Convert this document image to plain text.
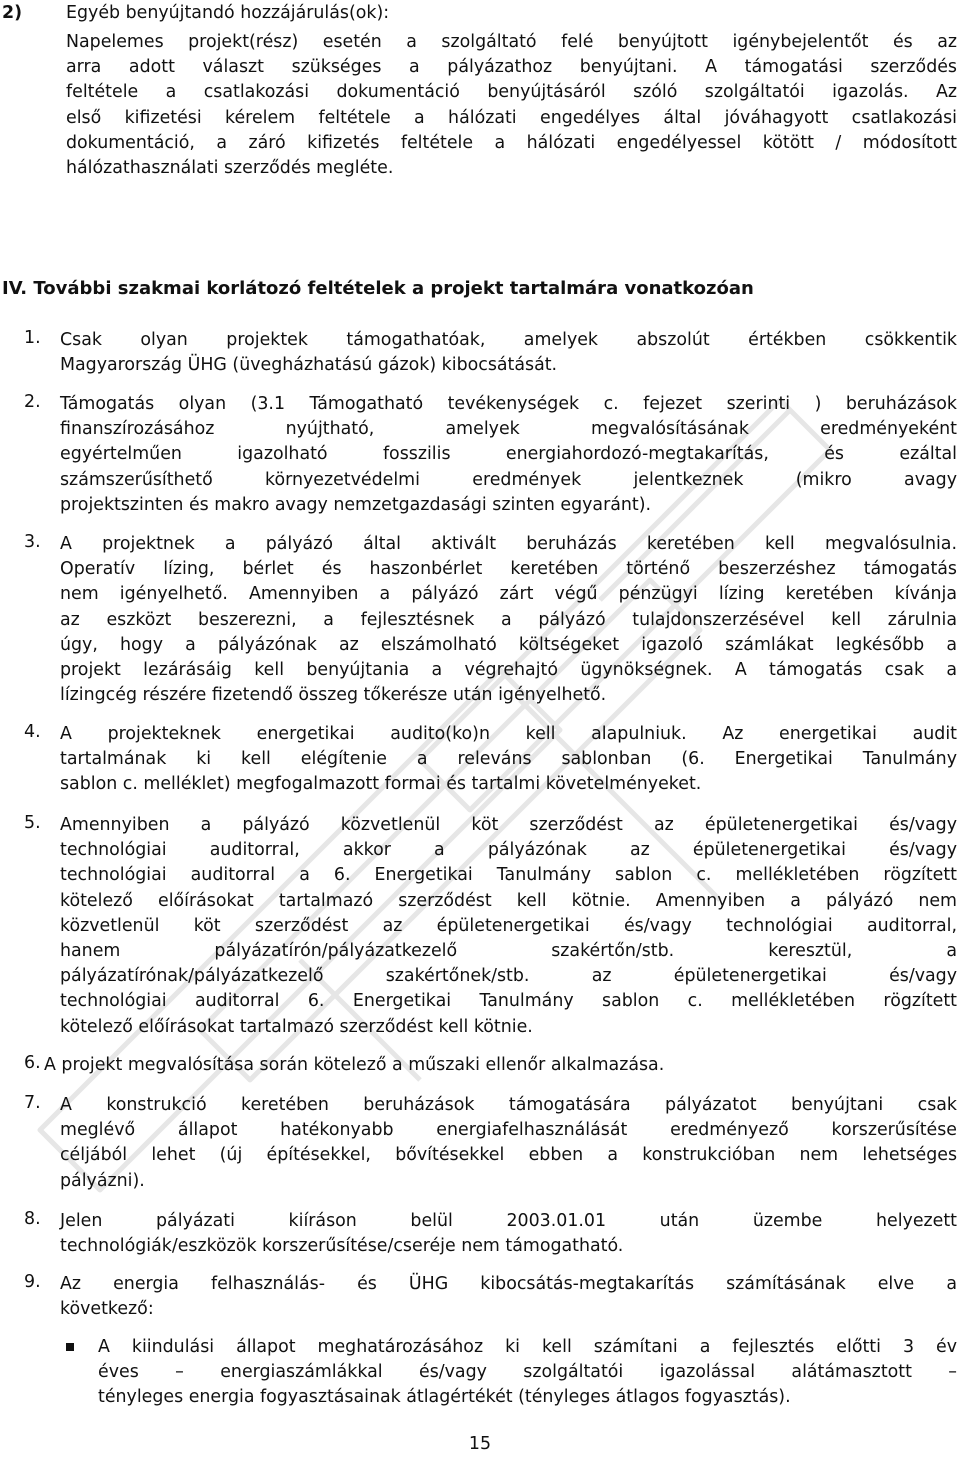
2)	Egyéb benyújtandó hozzájárulás(ok):
Napelemes projekt(rész) esetén a szolgáltató felé benyújtott igénybejelentőt és az
arra adott választ szükséges a pályázathoz benyújtani. A támogatási szerződés
feltétele a csatlakozási dokumentáció benyújtásáról szóló szolgáltatói igazolás. Az
első kifizetési kérelem feltétele a hálózati engedélyes által jóváhagyott csatlakozási
dokumentáció, a záró kifizetés feltétele a hálózati engedélyessel kötött / módosított
hálózathasználati szerződés megléte.
IV. További szakmai korlátozó feltételek a projekt tartalmára vonatkozóan
1. Csak olyan projektek támogathatóak, amelyek abszolút értékben csökkentik
Magyarország ÜHG (üvegházhatású gázok) kibocsátását.
2. Támogatás olyan (3.1 Támogatható tevékenységek c. fejezet szerinti ) beruházások
finanszírozásához nyújtható, amelyek megvalósításának eredményeként
egyértelműen igazolható fosszilis energiahordozó-megtakarítás, és ezáltal
számszerűsíthető környezetvédelmi eredmények jelentkeznek (mikro avagy
projektszinten és makro avagy nemzetgazdasági szinten egyaránt).
3. A projektnek a pályázó által aktivált beruházás keretében kell megvalósulnia.
Operatív lízing, bérlet és haszonbérlet keretében történő beszerzéshez támogatás
nem igényelhető. Amennyiben a pályázó zárt végű pénzügyi lízing keretében kívánja
az eszközt beszerezni, a fejlesztésnek a pályázó tulajdonszerzésével kell zárulnia
úgy, hogy a pályázónak az elszámolható költségeket igazoló számlákat legkésőbb a
projekt lezárásáig kell benyújtania a végrehajtó ügynökségnek. A támogatás csak a
lízingcég részére fizetendő összeg tőkerésze után igényelhető.
4. A projekteknek energetikai audito(ko)n kell alapulniuk. Az energetikai audit
tartalmának ki kell elégítenie a releváns sablonban (6. Energetikai Tanulmány
sablon c. melléklet) megfogalmazott formai és tartalmi követelményeket.
5. Amennyiben a pályázó közvetlenül köt szerződést az épületenergetikai és/vagy
technológiai auditorral, akkor a pályázónak az épületenergetikai és/vagy
technológiai auditorral a 6. Energetikai Tanulmány sablon c. mellékletében rögzített
kötelező előírásokat tartalmazó szerződést kell kötnie. Amennyiben a pályázó nem
közvetlenül köt szerződést az épületenergetikai és/vagy technológiai auditorral,
hanem pályázatírón/pályázatkezelő szakértőn/stb. keresztül, a
pályázatírónak/pályázatkezelő szakértőnek/stb. az épületenergetikai és/vagy
technológiai auditorral 6. Energetikai Tanulmány sablon c. mellékletében rögzített
kötelező előírásokat tartalmazó szerződést kell kötnie.
6. A projekt megvalósítása során kötelező a műszaki ellenőr alkalmazása.
7. A konstrukció keretében beruházások támogatására pályázatot benyújtani csak
meglévő állapot hatékonyabb energiafelhasználását eredményező korszerűsítése
céljából lehet (új építésekkel, bővítésekkel ebben a konstrukcióban nem lehetséges
pályázni).
8. Jelen pályázati kiíráson belül 2003.01.01 után üzembe helyezett
technológiák/eszközök korszerűsítése/cseréje nem támogatható.
9. Az energia felhasználás- és ÜHG kibocsátás-megtakarítás számításának elve a
következő:
A kiindulási állapot meghatározásához ki kell számítani a fejlesztés előtti 3 év
éves – energiaszámlákkal és/vagy szolgáltatói igazolással alátámasztott –
tényleges energia fogyasztásainak átlagértékét (tényleges átlagos fogyasztás).
15
